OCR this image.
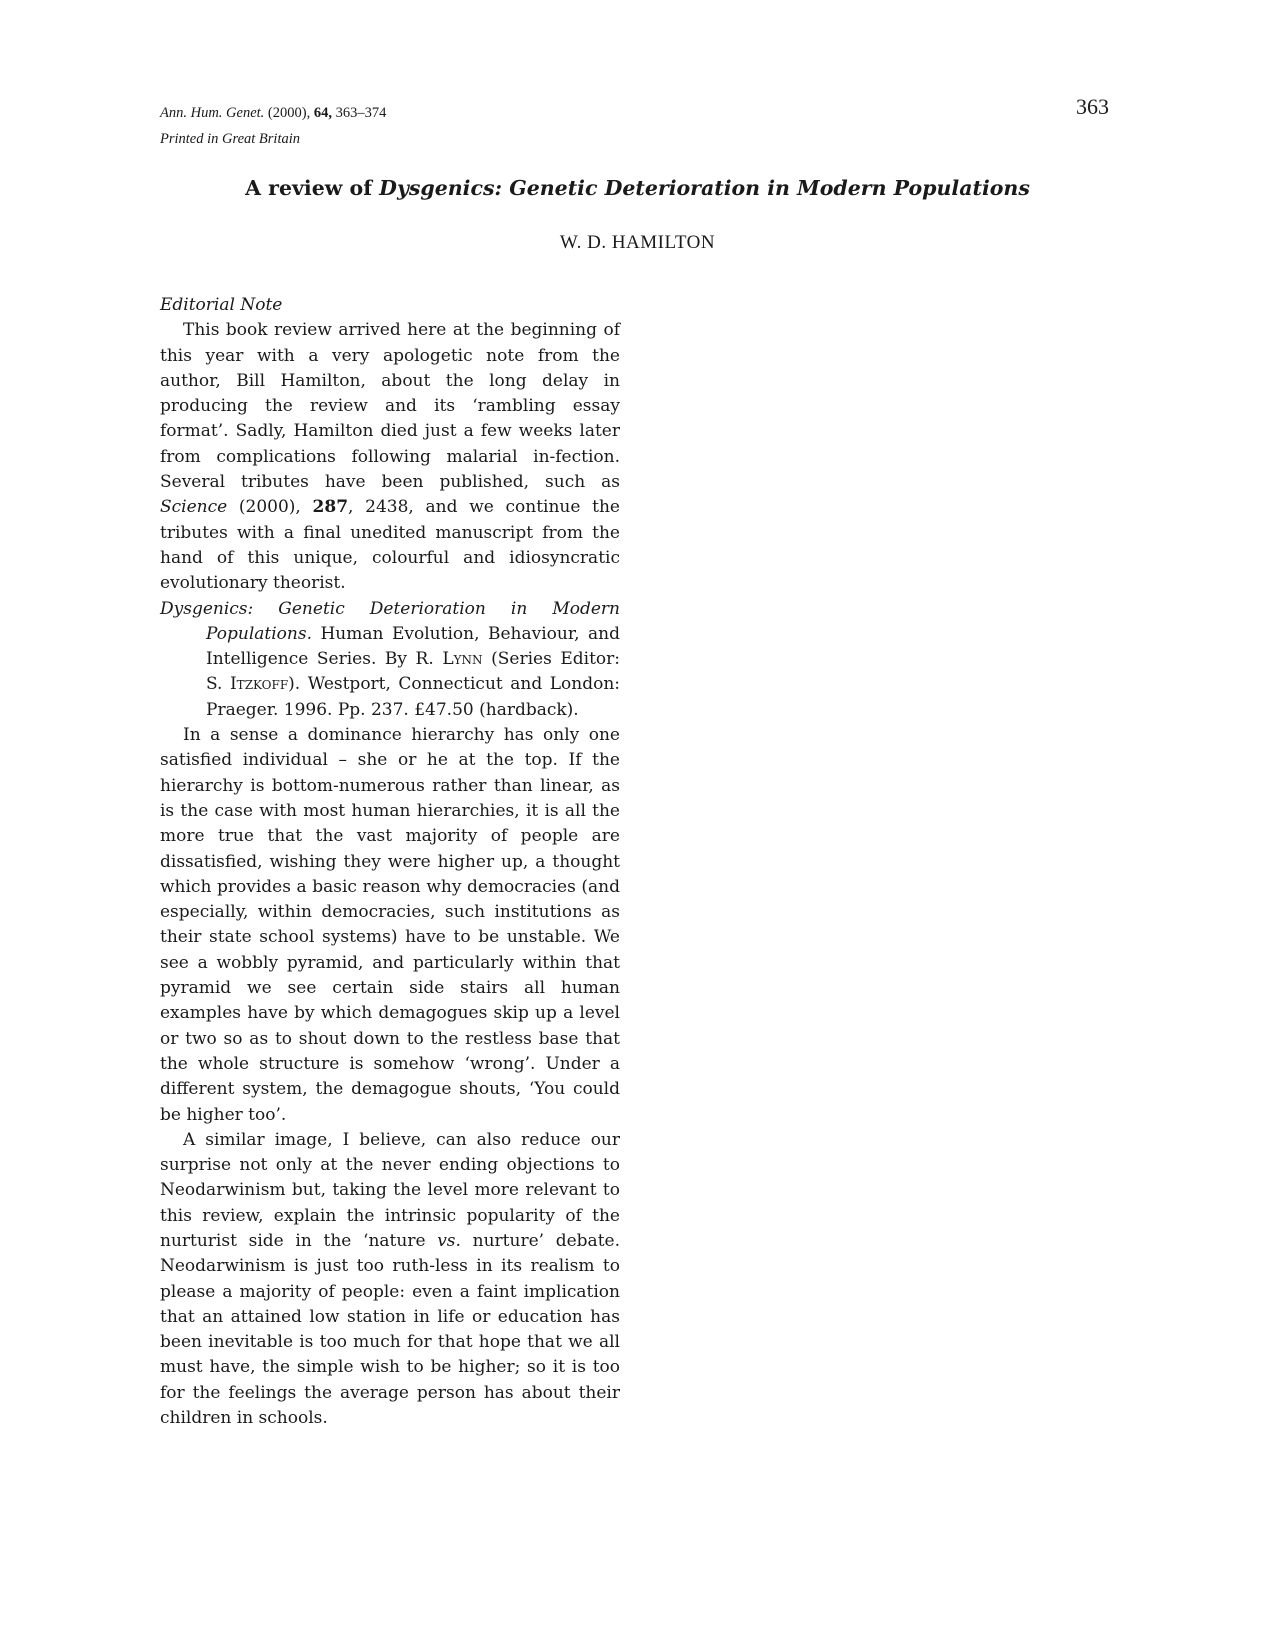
Ann. Hum. Genet. (2000), 64, 363–374
Printed in Great Britain
363
A review of Dysgenics: Genetic Deterioration in Modern Populations
W. D. HAMILTON
Editorial Note

This book review arrived here at the beginning of this year with a very apologetic note from the author, Bill Hamilton, about the long delay in producing the review and its ‘rambling essay format’. Sadly, Hamilton died just a few weeks later from complications following malarial in-fection. Several tributes have been published, such as Science (2000), 287, 2438, and we continue the tributes with a final unedited manuscript from the hand of this unique, colourful and idiosyncratic evolutionary theorist.

Dysgenics: Genetic Deterioration in Modern Populations. Human Evolution, Behaviour, and Intelligence Series. By R. Lynn (Series Editor: S. Itzkoff). Westport, Connecticut and London: Praeger. 1996. Pp. 237. £47.50 (hardback).

In a sense a dominance hierarchy has only one satisfied individual – she or he at the top. If the hierarchy is bottom-numerous rather than linear, as is the case with most human hierarchies, it is all the more true that the vast majority of people are dissatisfied, wishing they were higher up, a thought which provides a basic reason why democracies (and especially, within democracies, such institutions as their state school systems) have to be unstable. We see a wobbly pyramid, and particularly within that pyramid we see certain side stairs all human examples have by which demagogues skip up a level or two so as to shout down to the restless base that the whole structure is somehow ‘wrong’. Under a different system, the demagogue shouts, ‘You could be higher too’.

A similar image, I believe, can also reduce our surprise not only at the never ending objections to Neodarwinism but, taking the level more relevant to this review, explain the intrinsic popularity of the nurturist side in the ‘nature vs. nurture’ debate. Neodarwinism is just too ruth-less in its realism to please a majority of people: even a faint implication that an attained low station in life or education has been inevitable is too much for that hope that we all must have, the simple wish to be higher; so it is too for the feelings the average person has about their children in schools.
